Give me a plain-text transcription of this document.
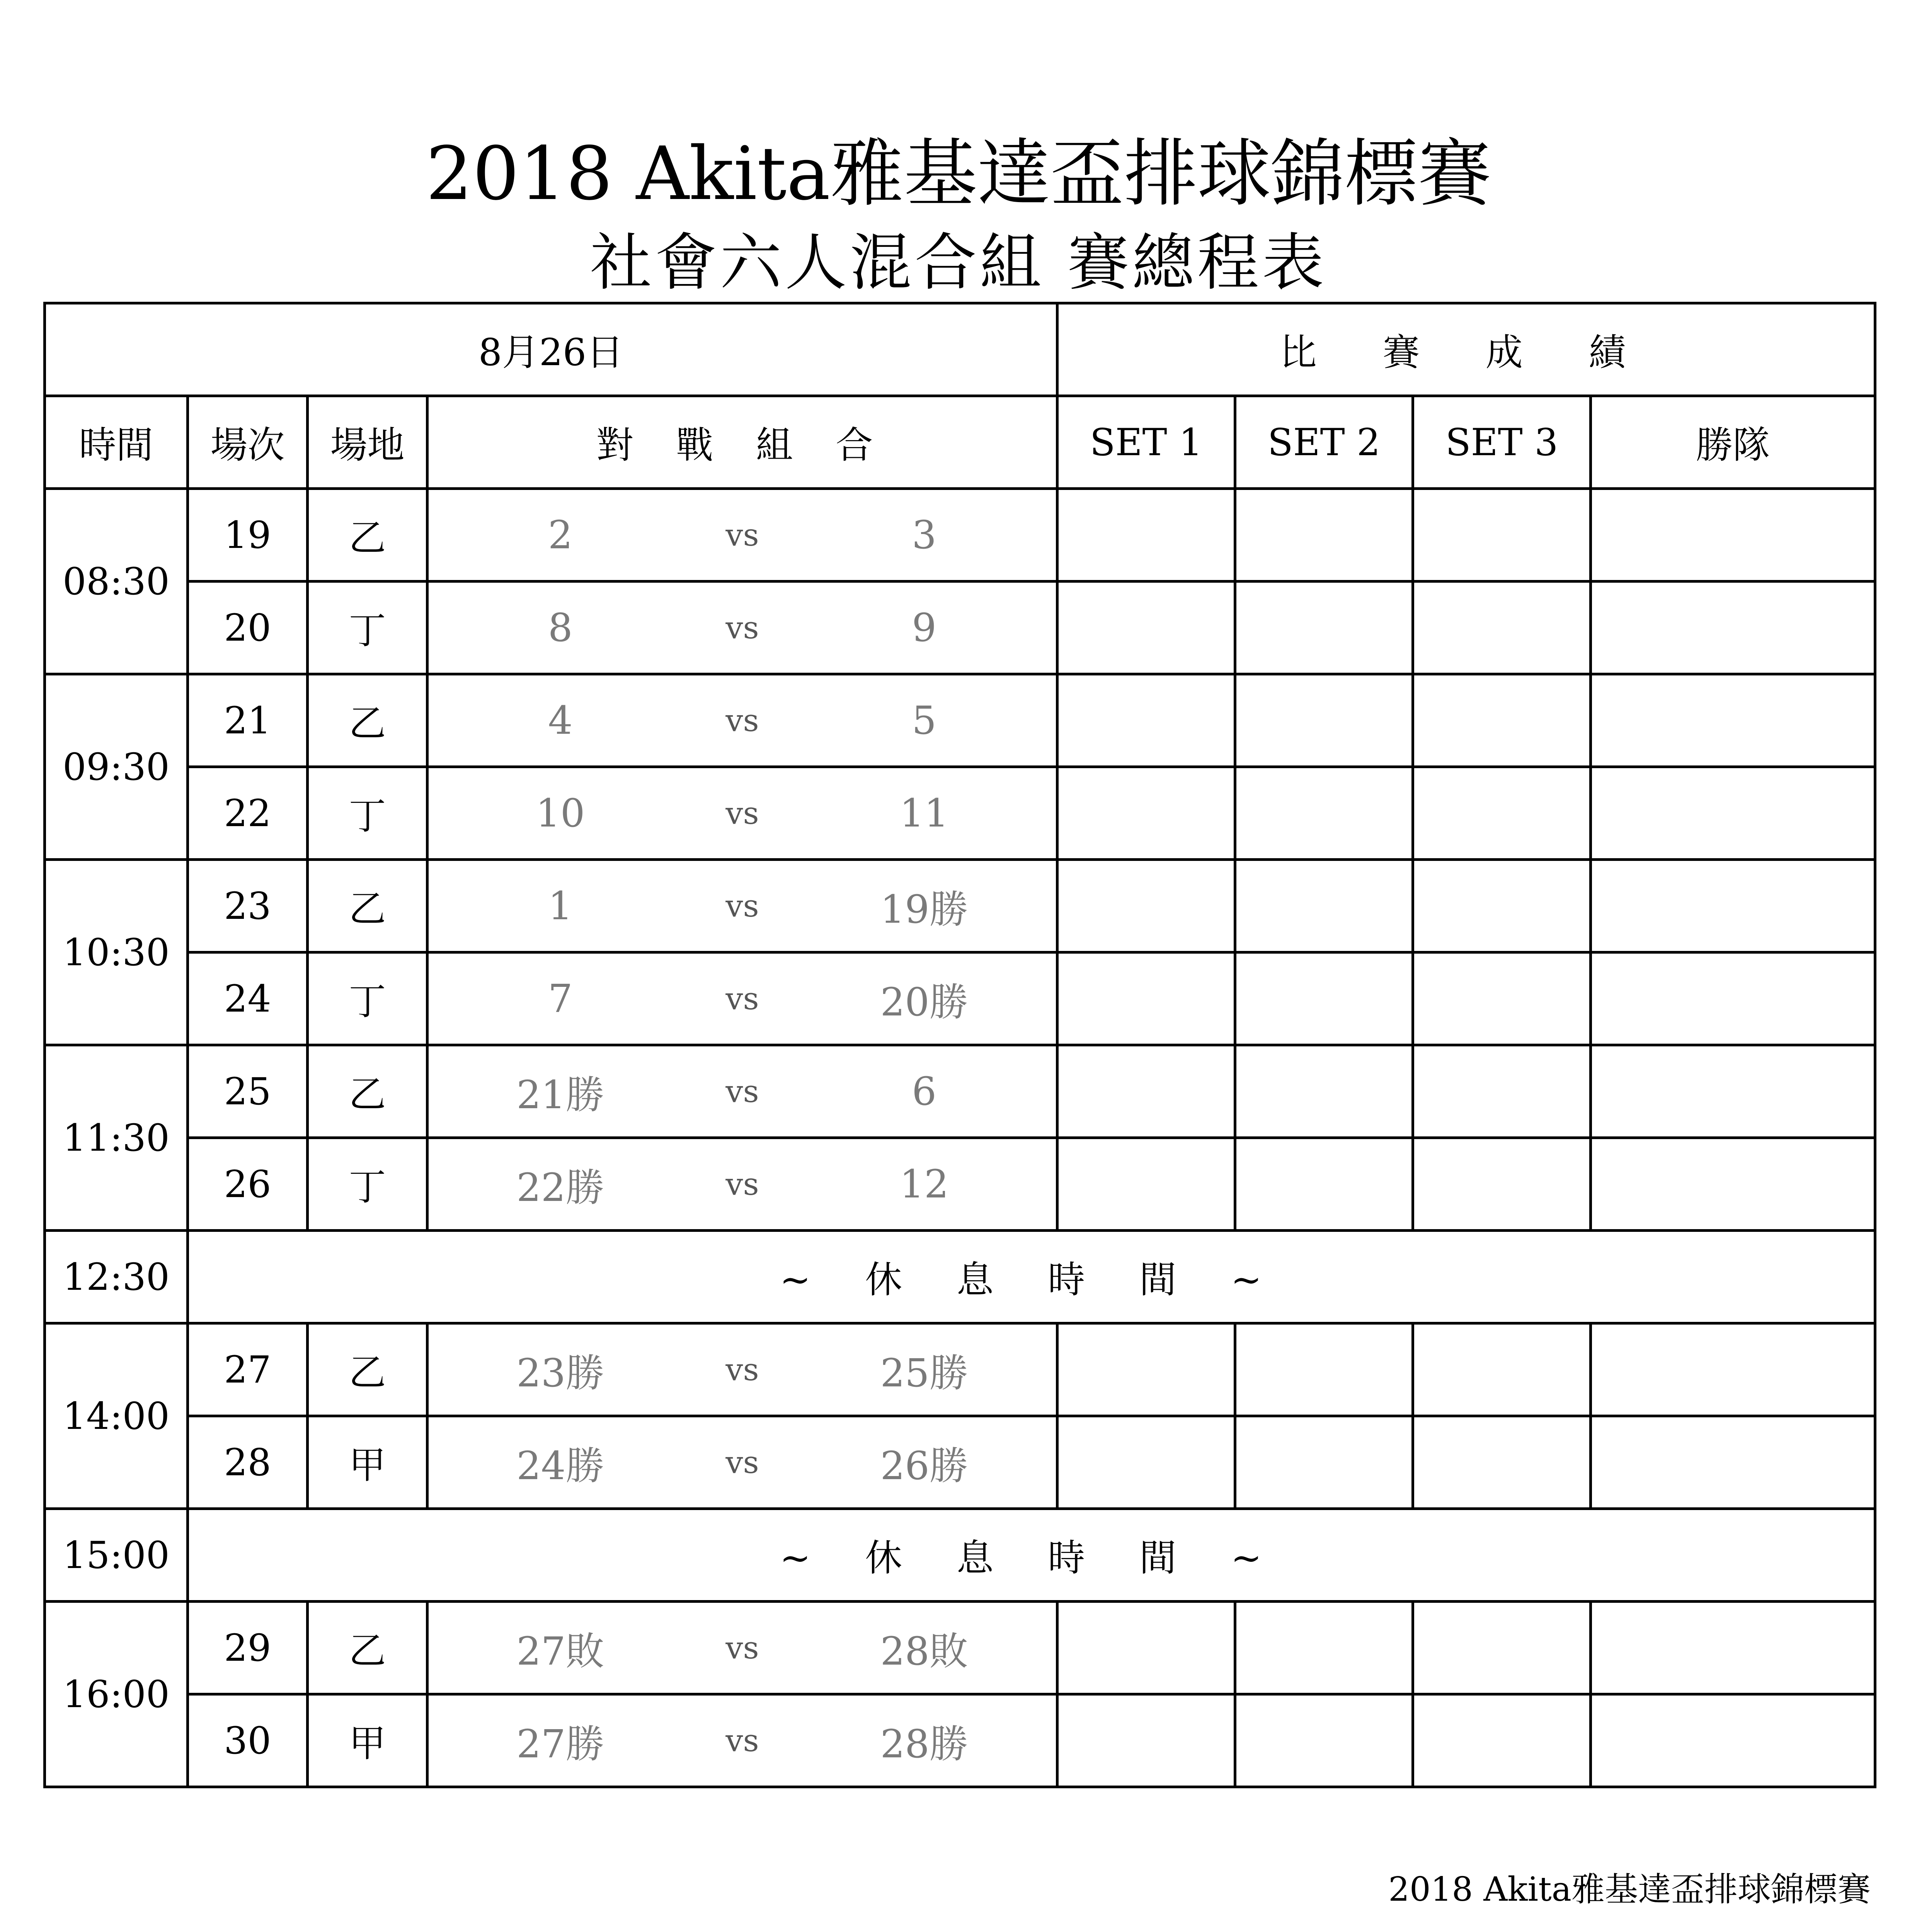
2018 Akita雅基達盃排球錦標賽
社會六人混合組 賽總程表
8月26日				比 賽 成 績			
時間	場次	場地	對 戰 組 合	SET 1	SET 2	SET 3	勝隊
08:30	19	乙	2 vs 3				

	20	丁	8 vs 9				

09:30	21	乙	4 vs 5				

	22	丁	10 vs 11				

10:30	23	乙	1 vs 19勝				

	24	丁	7 vs 20勝				

11:30	25	乙	21勝 vs 6				

	26	丁	22勝 vs 12				

12:30	~ 休 息 時 間 ~						
14:00	27	乙	23勝 vs 25勝				

	28	甲	24勝 vs 26勝				

15:00	~ 休 息 時 間 ~						
16:00	29	乙	27敗 vs 28敗				

	30	甲	27勝 vs 28勝				

2018 Akita雅基達盃排球錦標賽
